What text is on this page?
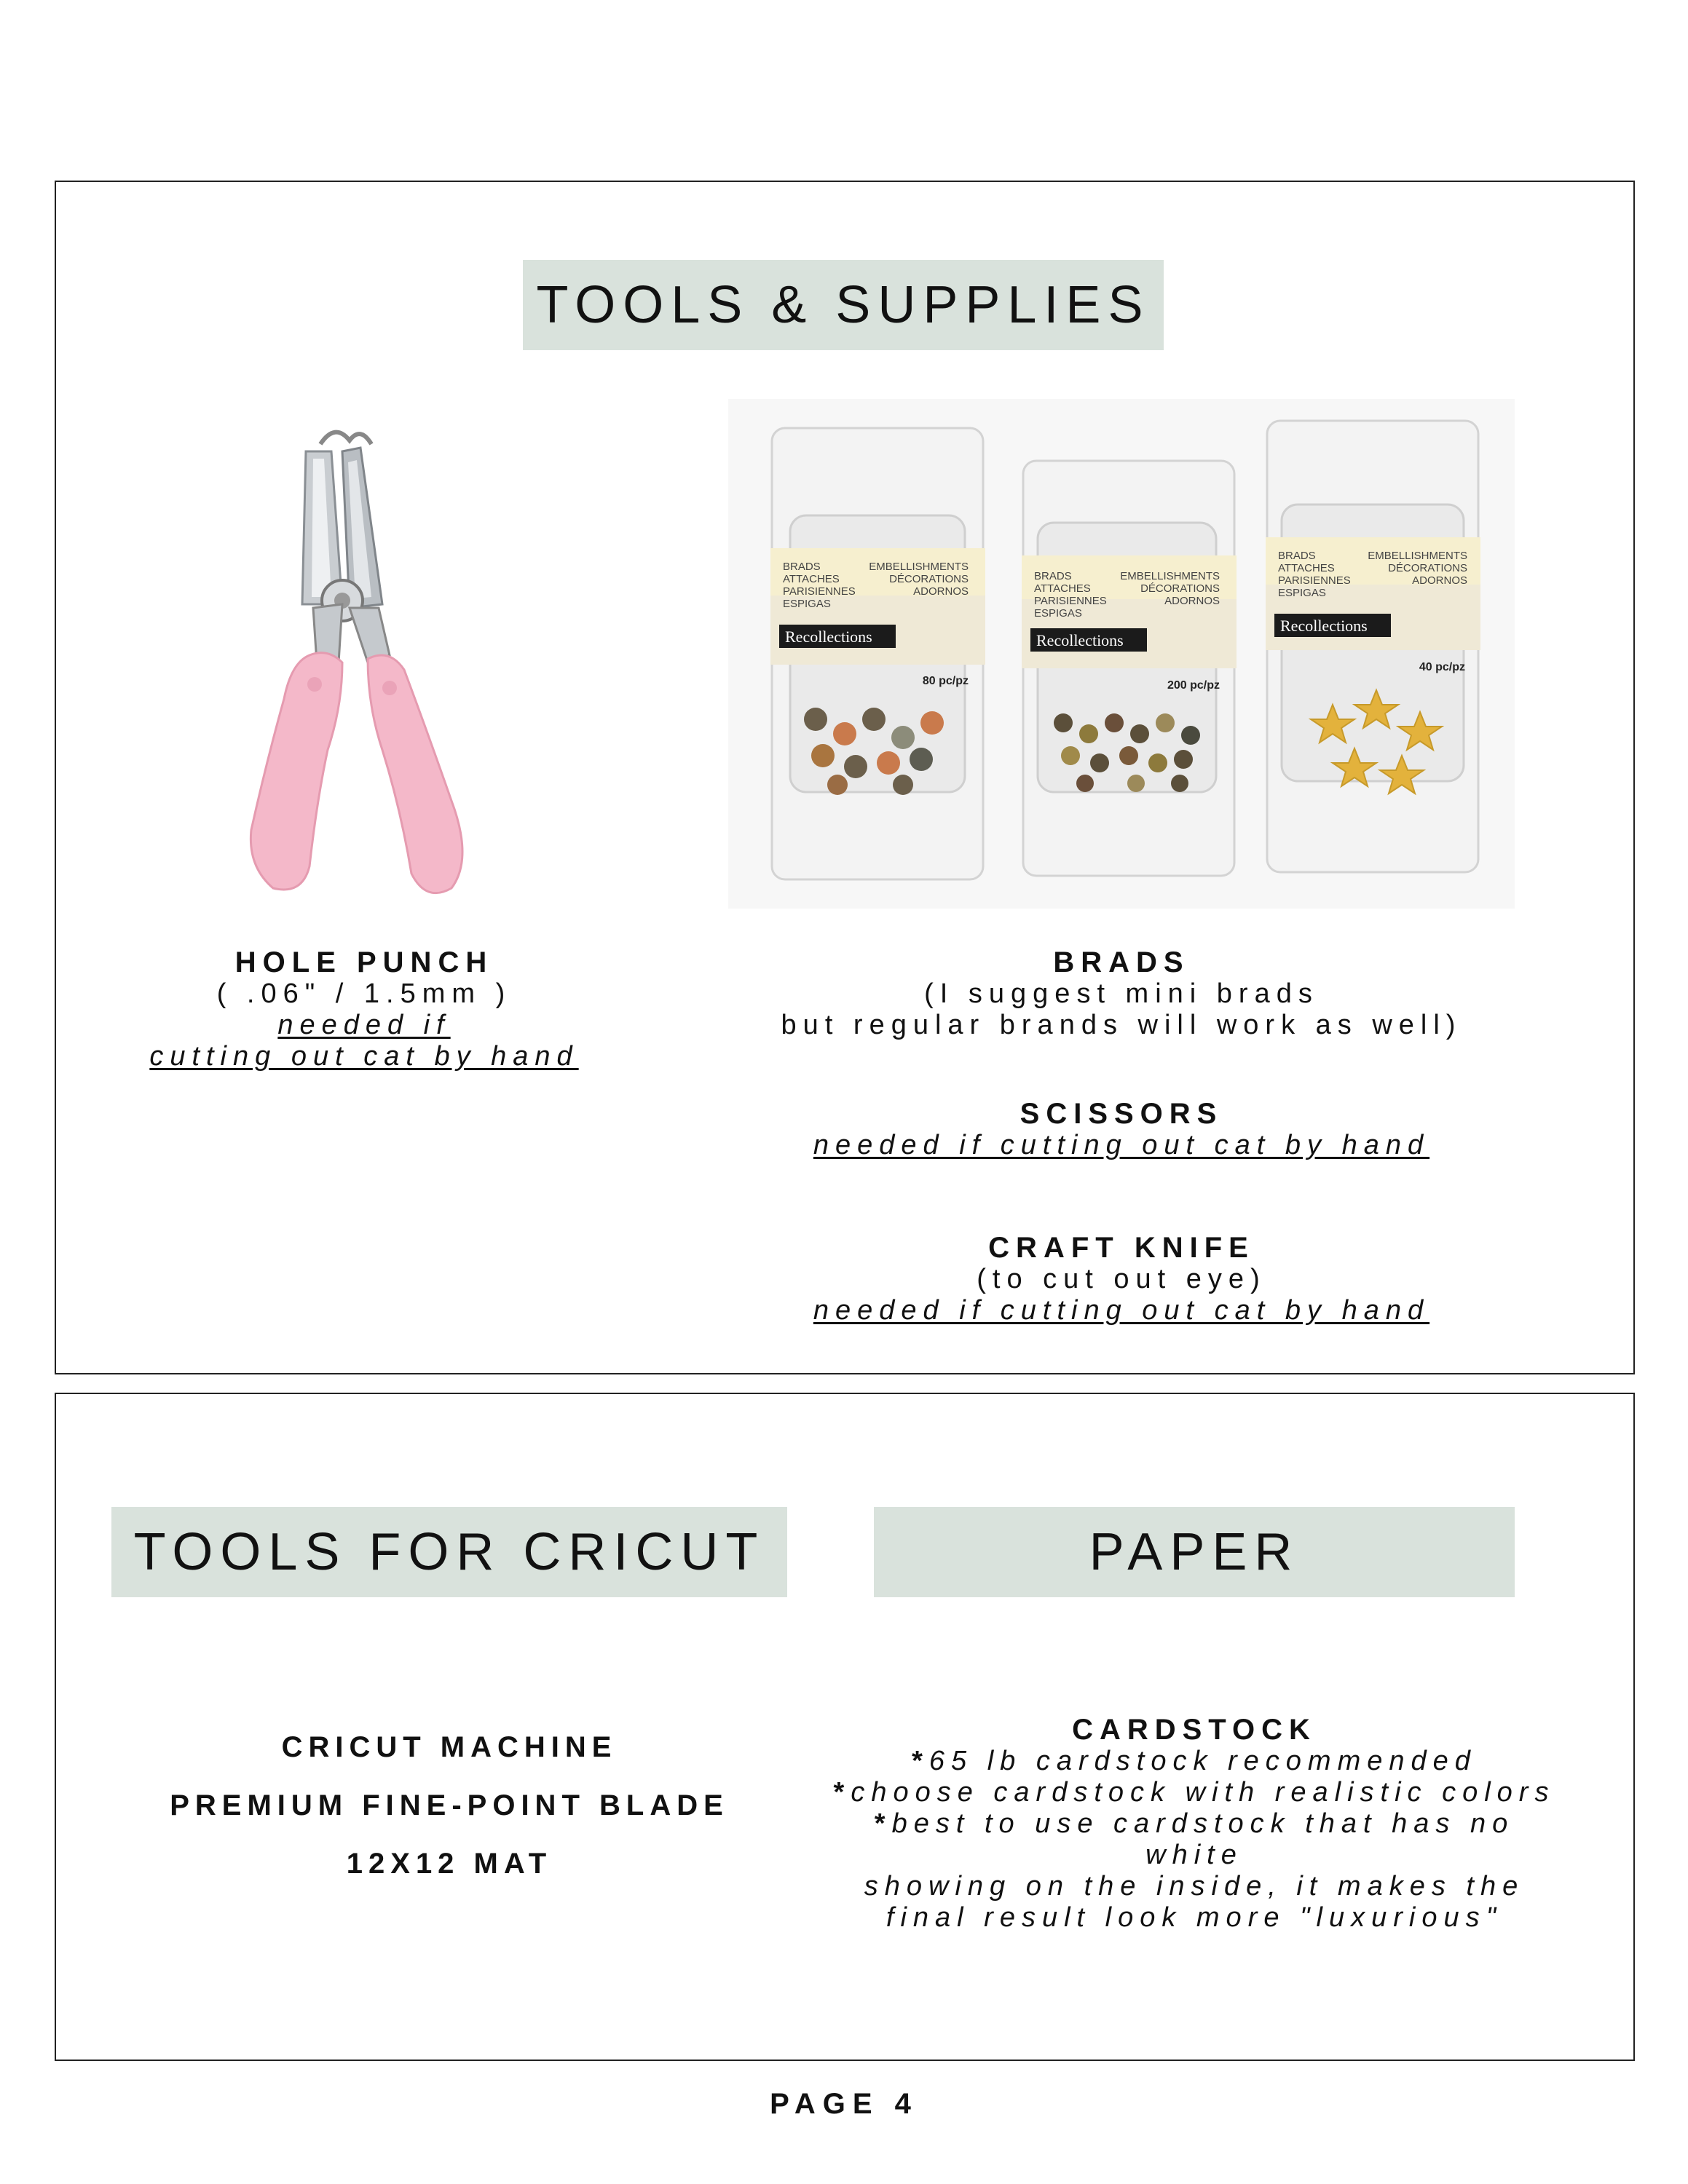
TOOLS & SUPPLIES
Recollections
BRADS
ATTACHES
PARISIENNES
ESPIGAS
EMBELLISHMENTS
DÉCORATIONS
ADORNOS
80 pc/pz
Recollections
BRADS
ATTACHES
PARISIENNES
ESPIGAS
EMBELLISHMENTS
DÉCORATIONS
ADORNOS
200 pc/pz
Recollections
BRADS
ATTACHES
PARISIENNES
ESPIGAS
EMBELLISHMENTS
DÉCORATIONS
ADORNOS
40 pc/pz
HOLE PUNCH
( .06" / 1.5mm )
needed if
cutting out cat by hand
BRADS
(I suggest mini brads
but regular brands will work as well)
SCISSORS
needed if cutting out cat by hand
CRAFT KNIFE
(to cut out eye)
needed if cutting out cat by hand
TOOLS FOR CRICUT	PAPER
CRICUT MACHINE
PREMIUM FINE-POINT BLADE
12X12 MAT
CARDSTOCK
*65 lb cardstock recommended
*choose cardstock with realistic colors
*best to use cardstock that has no white
showing on the inside, it makes the
final result look more "luxurious"
PAGE 4
